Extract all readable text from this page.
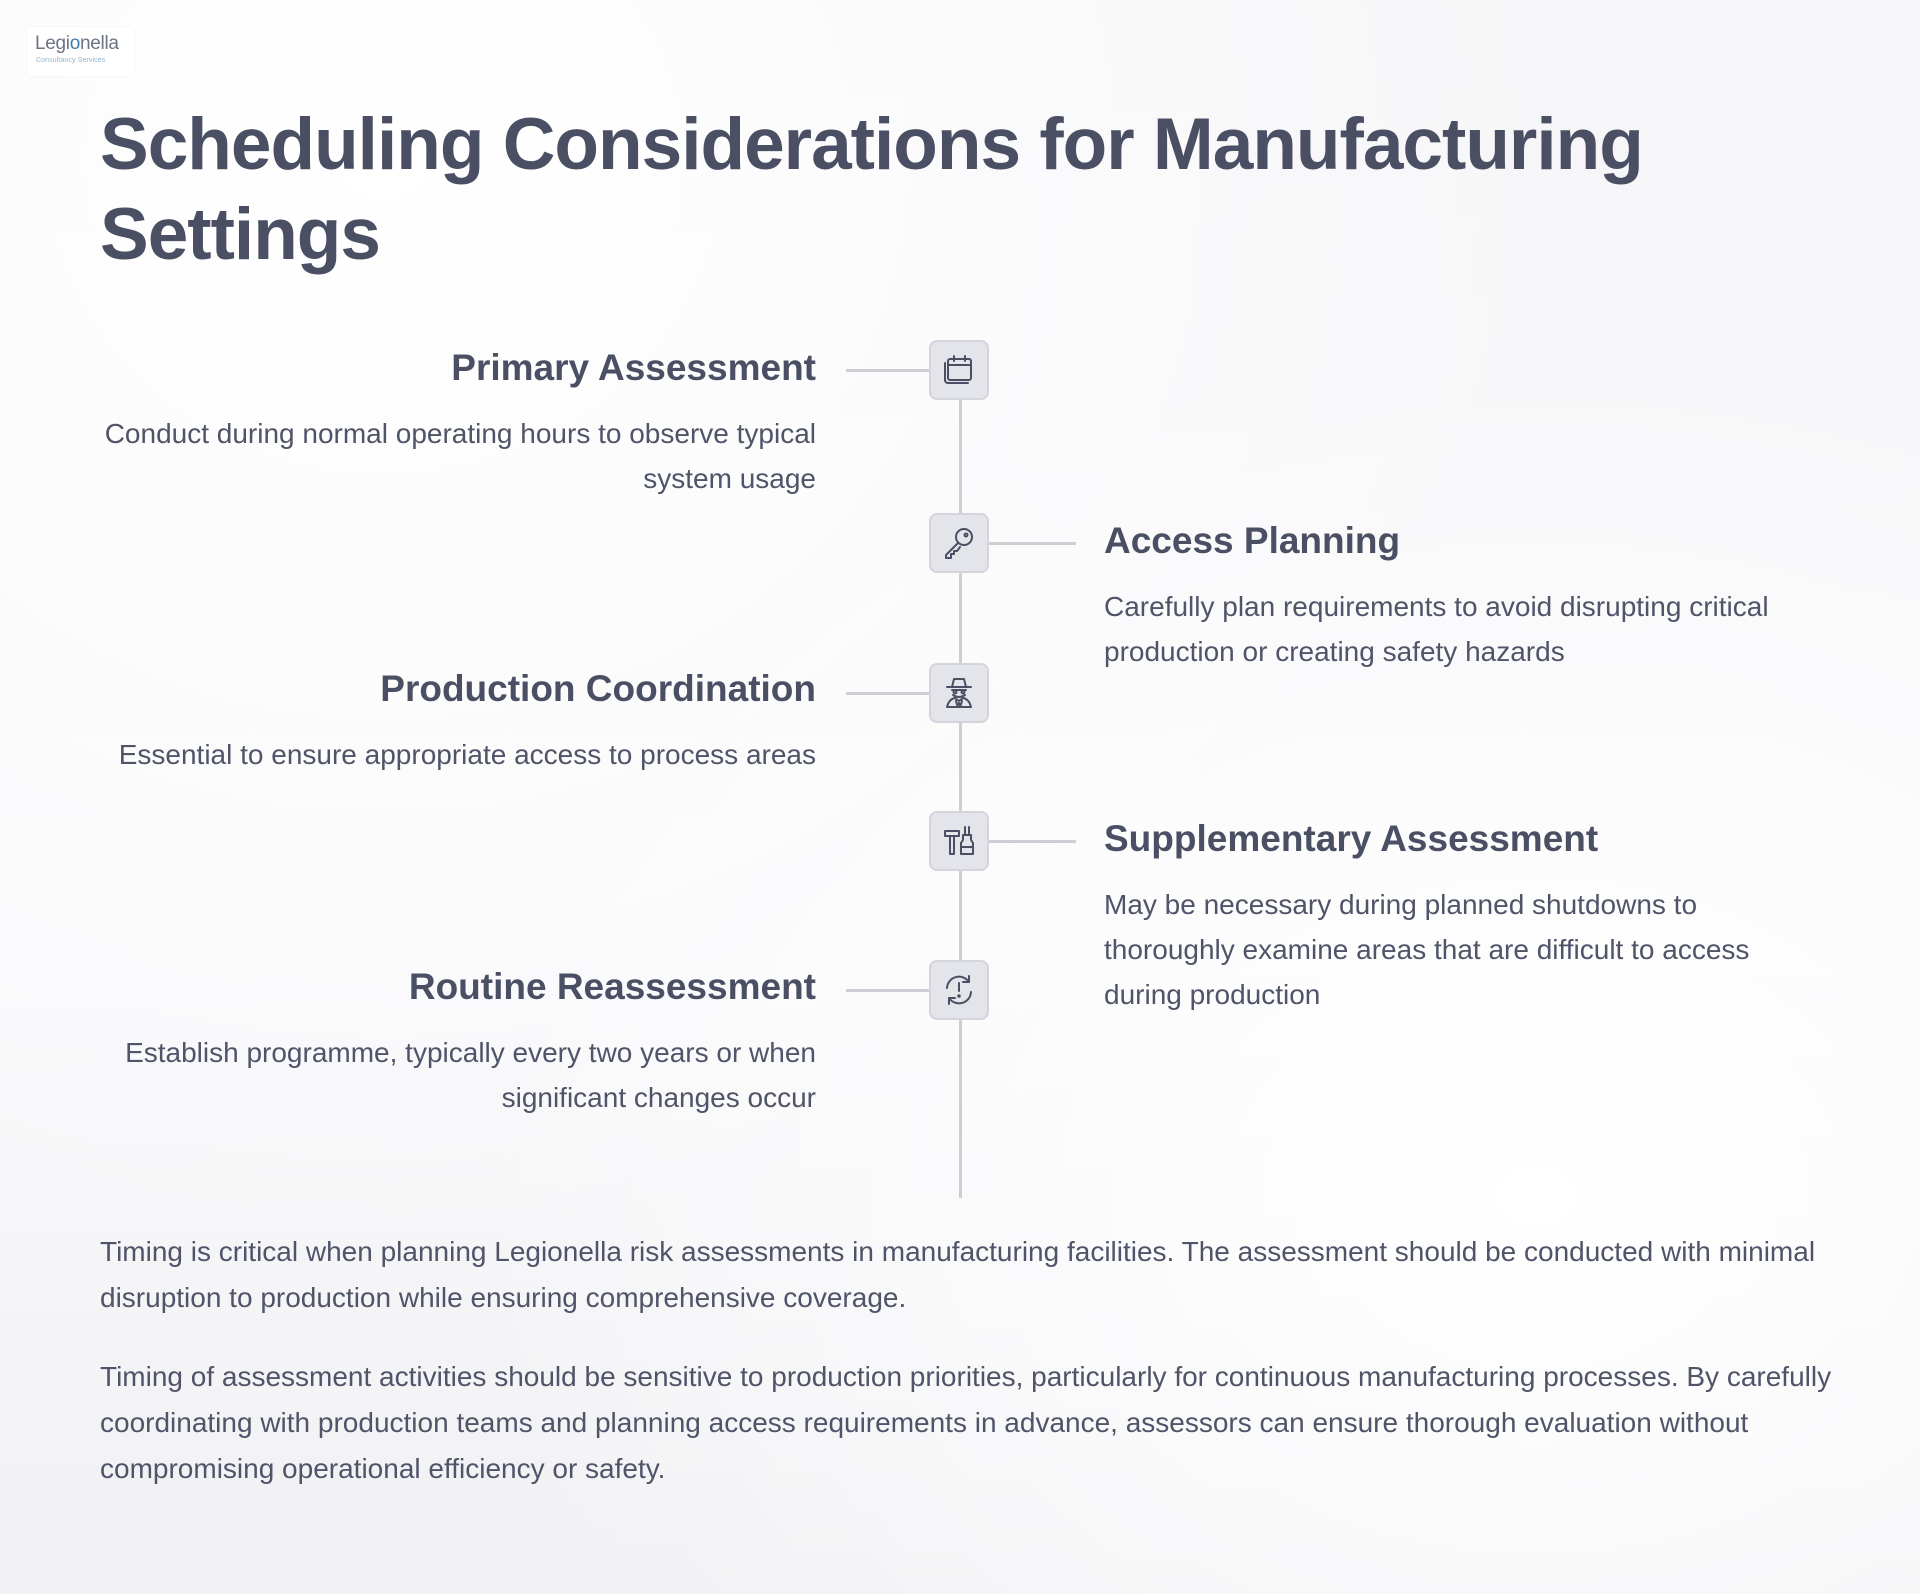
Legionella
Consultancy Services
Scheduling Considerations for Manufacturing Settings
Primary Assessment

Conduct during normal operating hours to observe typical system usage

Access Planning

Carefully plan requirements to avoid disrupting critical production or creating safety hazards

Production Coordination

Essential to ensure appropriate access to process areas

Supplementary Assessment

May be necessary during planned shutdowns to thoroughly examine areas that are difficult to access during production

Routine Reassessment

Establish programme, typically every two years or when significant changes occur

Timing is critical when planning Legionella risk assessments in manufacturing facilities. The assessment should be conducted with minimal disruption to production while ensuring comprehensive coverage.

Timing of assessment activities should be sensitive to production priorities, particularly for continuous manufacturing processes. By carefully coordinating with production teams and planning access requirements in advance, assessors can ensure thorough evaluation without compromising operational efficiency or safety.
